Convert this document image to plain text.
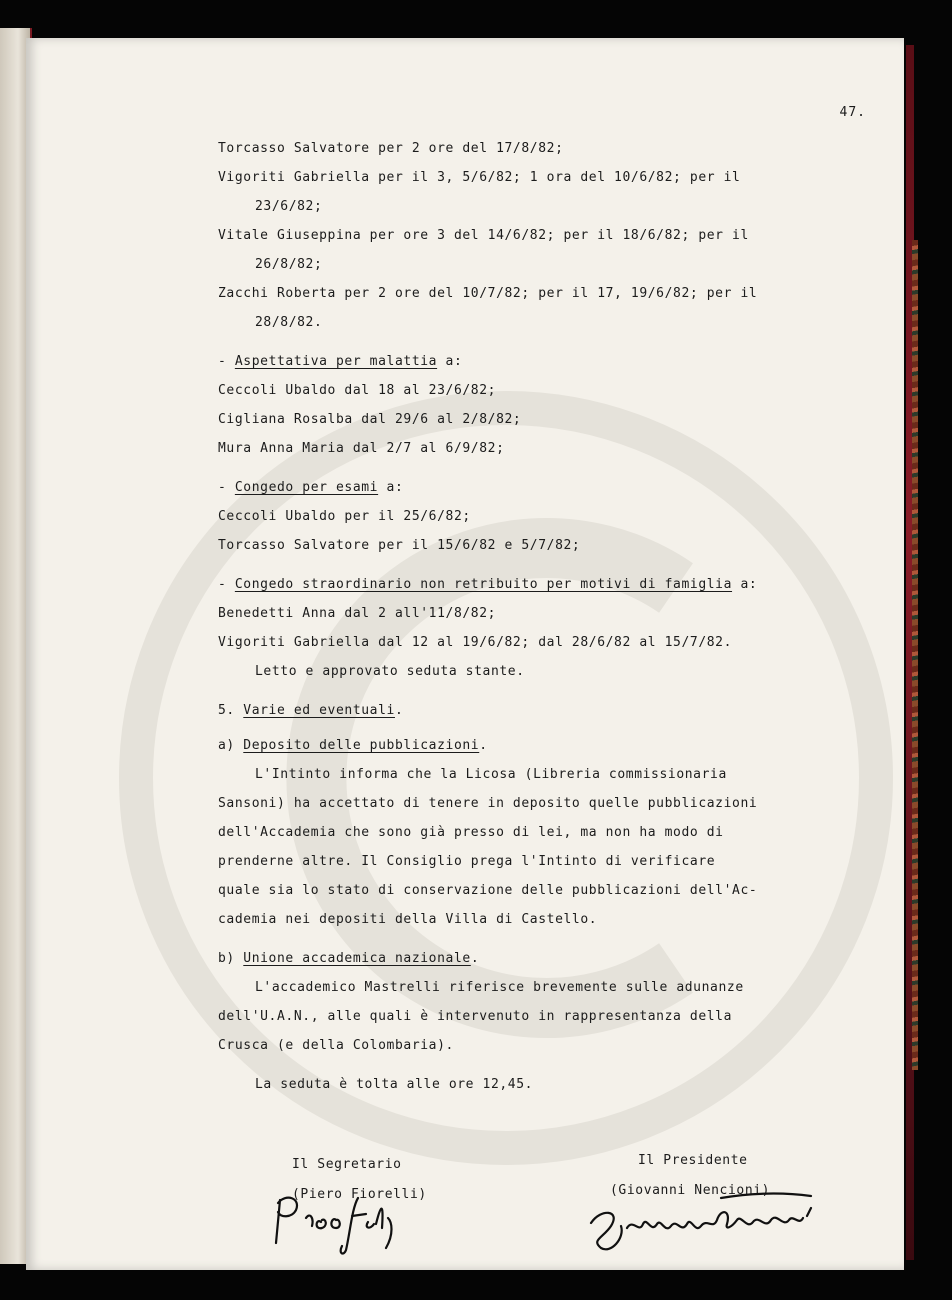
47.
Torcasso Salvatore per 2 ore del 17/8/82;
Vigoriti Gabriella per il 3, 5/6/82; 1 ora del 10/6/82; per il
23/6/82;
Vitale Giuseppina per ore 3 del 14/6/82; per il 18/6/82; per il
26/8/82;
Zacchi Roberta per 2 ore del 10/7/82; per il 17, 19/6/82; per il
28/8/82.
- Aspettativa per malattia a:
Ceccoli Ubaldo dal 18 al 23/6/82;
Cigliana Rosalba dal 29/6 al 2/8/82;
Mura Anna Maria dal 2/7 al 6/9/82;
- Congedo per esami a:
Ceccoli Ubaldo per il 25/6/82;
Torcasso Salvatore per il 15/6/82 e 5/7/82;
- Congedo straordinario non retribuito per motivi di famiglia a:
Benedetti Anna dal 2 all'11/8/82;
Vigoriti Gabriella dal 12 al 19/6/82; dal 28/6/82 al 15/7/82.
Letto e approvato seduta stante.
5. Varie ed eventuali.
a) Deposito delle pubblicazioni.
L'Intinto informa che la Licosa (Libreria commissionaria
Sansoni) ha accettato di tenere in deposito quelle pubblicazioni
dell'Accademia che sono già presso di lei, ma non ha modo di
prenderne altre. Il Consiglio prega l'Intinto di verificare
quale sia lo stato di conservazione delle pubblicazioni dell'Ac-
cademia nei depositi della Villa di Castello.
b) Unione accademica nazionale.
L'accademico Mastrelli riferisce brevemente sulle adunanze
dell'U.A.N., alle quali è intervenuto in rappresentanza della
Crusca (e della Colombaria).
La seduta è tolta alle ore 12,45.
Il Segretario
(Piero Fiorelli)
Il Presidente
(Giovanni Nencioni)
